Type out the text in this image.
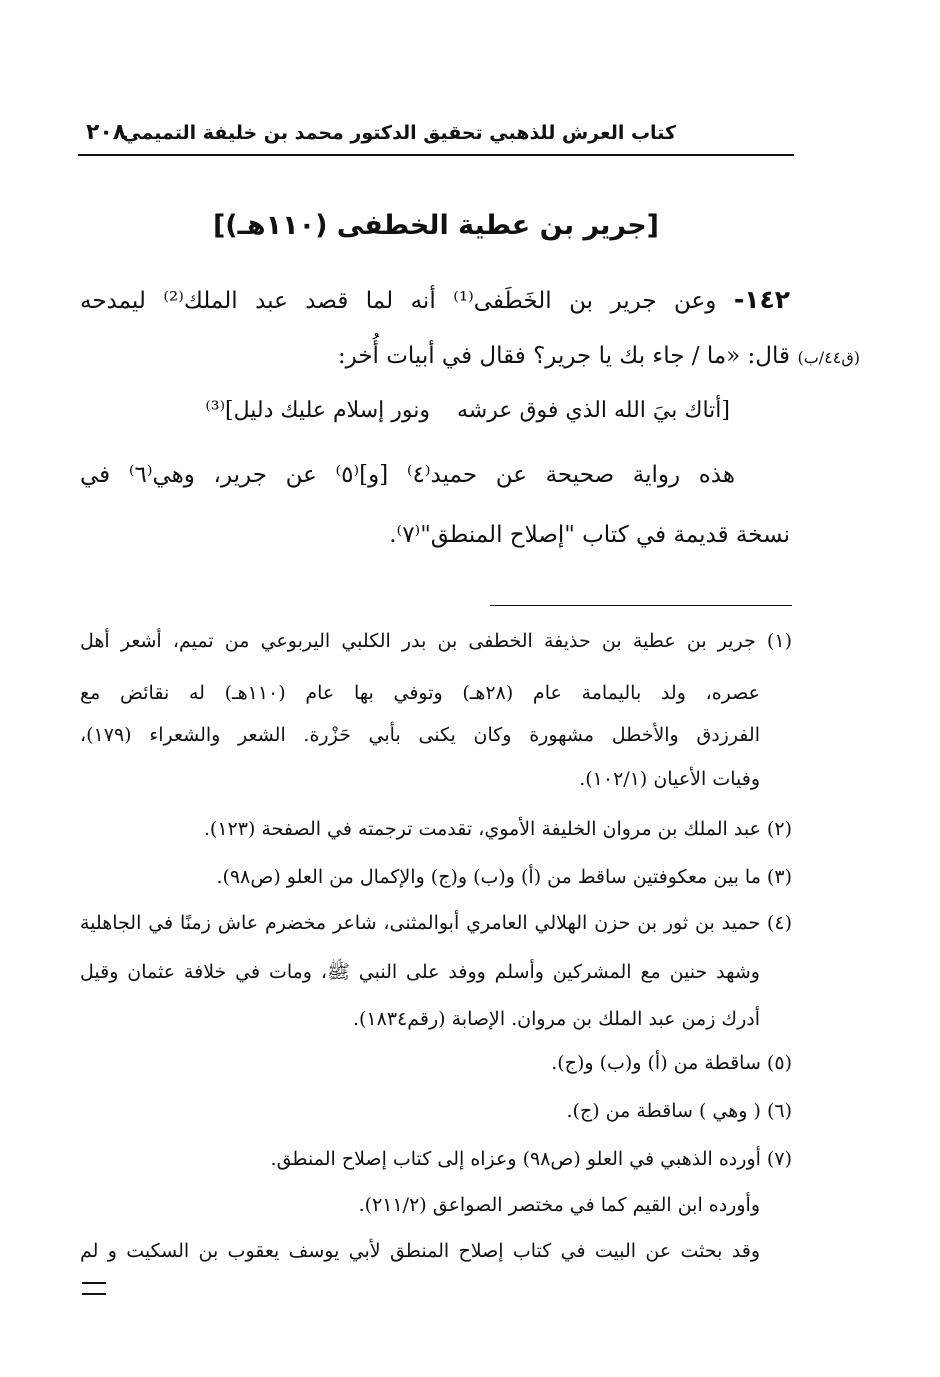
كتاب العرش للذهبي تحقيق الدكتور محمد بن خليفة التميمي
٢٠٨
[جرير بن عطية الخطفى (١١٠هـ)]
١٤٢- وعن جرير بن الخَطَفى⁽¹⁾ أنه لما قصد عبد الملك⁽²⁾ ليمدحه
(ق٤٤/ب)
قال: «ما / جاء بك يا جرير؟ فقال في أبيات أُخر:
[أتاك بيَ الله الذي فوق عرشه
ونور إسلام عليك دليل]⁽³⁾
هذه رواية صحيحة عن حميد⁽٤⁾ [و]⁽٥⁾ عن جرير، وهي⁽٦⁾ في
نسخة قديمة في كتاب "إصلاح المنطق"⁽٧⁾.
(١) جرير بن عطية بن حذيفة الخطفى بن بدر الكلبي اليربوعي من تميم، أشعر أهل
عصره، ولد باليمامة عام (٢٨هـ) وتوفي بها عام (١١٠هـ) له نقائض مع
الفرزدق والأخطل مشهورة وكان يكنى بأبي حَزْرة. الشعر والشعراء (١٧٩)،
وفيات الأعيان (١٠٢/١).
(٢) عبد الملك بن مروان الخليفة الأموي، تقدمت ترجمته في الصفحة (١٢٣).
(٣) ما بين معكوفتين ساقط من (أ) و(ب) و(ج) والإكمال من العلو (ص٩٨).
(٤) حميد بن ثور بن حزن الهلالي العامري أبوالمثنى، شاعر مخضرم عاش زمنًا في الجاهلية
وشهد حنين مع المشركين وأسلم ووفد على النبي ﷺ، ومات في خلافة عثمان وقيل
أدرك زمن عبد الملك بن مروان. الإصابة (رقم١٨٣٤).
(٥) ساقطة من (أ) و(ب) و(ج).
(٦) ( وهي ) ساقطة من (ج).
(٧) أورده الذهبي في العلو (ص٩٨) وعزاه إلى كتاب إصلاح المنطق.
وأورده ابن القيم كما في مختصر الصواعق (٢١١/٢).
وقد بحثت عن البيت في كتاب إصلاح المنطق لأبي يوسف يعقوب بن السكيت و لم
